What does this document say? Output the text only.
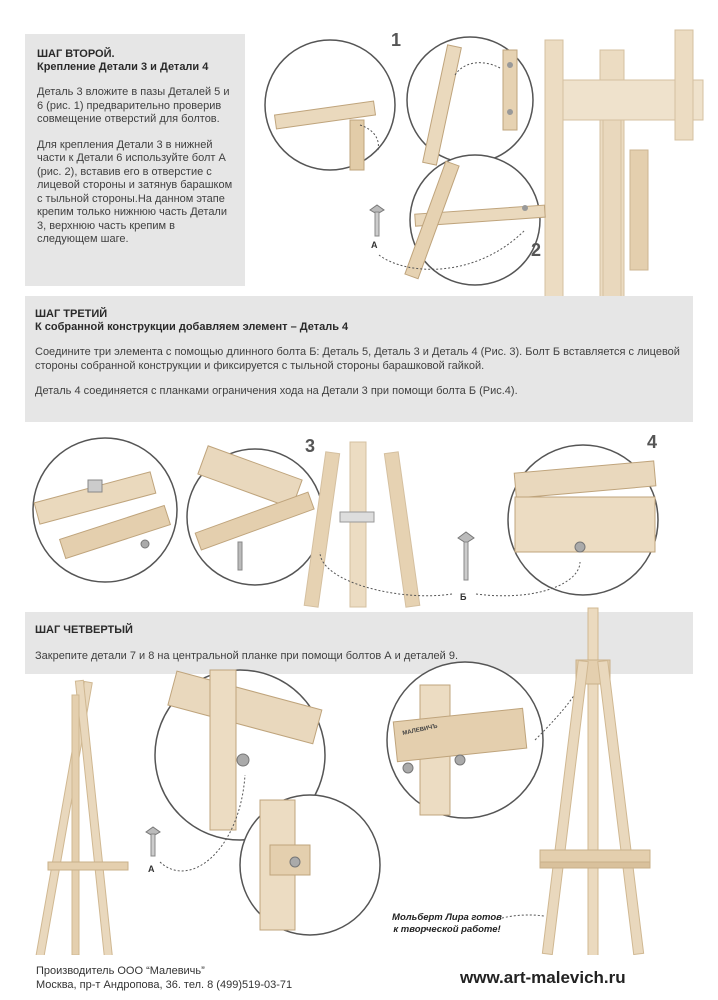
ШАГ ВТОРОЙ.
Крепление Детали 3 и Детали 4

Деталь 3 вложите в пазы Деталей 5 и 6 (рис. 1) предварительно проверив совмещение отверстий для болтов.

Для крепления Детали 3 в нижней части к Детали 6 используйте болт А (рис. 2), вставив его в отверстие с лицевой стороны и затянув барашком с тыльной стороны.На данном этапе крепим только нижнюю часть Детали 3, верхнюю часть крепим в следующем шаге.

1
2
А
ШАГ ТРЕТИЙ
К собранной конструкции добавляем элемент – Деталь 4

Соедините три элемента с помощью длинного болта Б: Деталь 5, Деталь 3 и Деталь 4 (Рис. 3). Болт Б вставляется с лицевой стороны собранной конструкции и фиксируется с тыльной стороны барашковой гайкой.

Деталь 4 соединяется с планками ограничения хода на Детали 3 при помощи болта Б (Рис.4).

3	4
Б
ШАГ ЧЕТВЕРТЫЙ

Закрепите детали 7 и 8 на центральной планке при помощи болтов А и деталей 9.

А
МАЛЕВИЧЪ
Мольберт Лира готов
к творческой работе!
Производитель ООО “Малевичь”
Москва, пр-т Андропова, 36. тел. 8 (499)519-03-71	www.art-malevich.ru
